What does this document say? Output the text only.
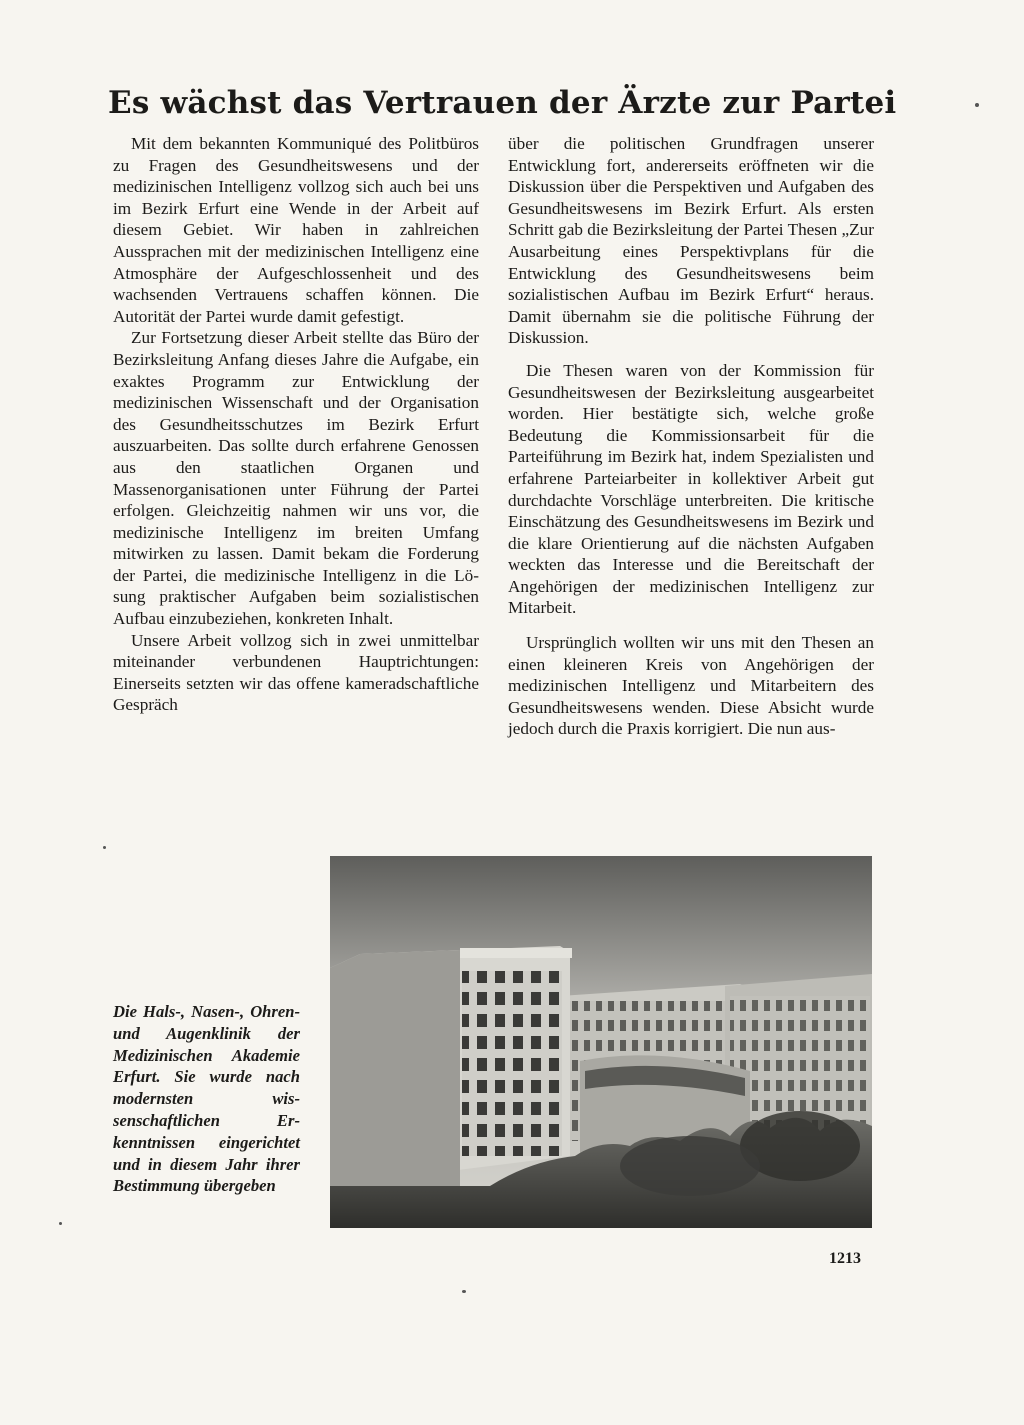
Es wächst das Vertrauen der Ärzte zur Partei

Mit dem bekannten Kommuniqué des Politbüros zu Fragen des Gesundheitswesens und der medizinischen Intelligenz vollzog sich auch bei uns im Bezirk Erfurt eine Wende in der Arbeit auf diesem Gebiet. Wir haben in zahlreichen Aussprachen mit der medizinischen Intelligenz eine Atmosphäre der Aufgeschlossenheit und des wachsenden Vertrauens schaffen können. Die Autorität der Partei wurde damit gefestigt.

Zur Fortsetzung dieser Arbeit stellte das Büro der Bezirksleitung Anfang dieses Jahre die Aufgabe, ein exaktes Programm zur Entwicklung der medizinischen Wissenschaft und der Organisation des Gesundheitsschutzes im Bezirk Erfurt auszuarbeiten. Das sollte durch erfahrene Genossen aus den staatlichen Organen und Massenorganisationen unter Führung der Partei erfolgen. Gleichzeitig nahmen wir uns vor, die medizinische Intelligenz im breiten Umfang mitwirken zu lassen. Damit bekam die Forderung der Partei, die medizinische Intelligenz in die Lösung praktischer Aufgaben beim sozialistischen Aufbau einzubeziehen, konkreten Inhalt.

Unsere Arbeit vollzog sich in zwei unmittelbar miteinander verbundenen Hauptrichtungen: Einerseits setzten wir das offene kameradschaftliche Gespräch

über die politischen Grundfragen unserer Entwicklung fort, andererseits eröffneten wir die Diskussion über die Perspektiven und Aufgaben des Gesundheitswesens im Bezirk Erfurt. Als ersten Schritt gab die Bezirksleitung der Partei Thesen „Zur Ausarbeitung eines Perspektivplans für die Entwicklung des Gesundheitswesens beim sozialistischen Aufbau im Bezirk Erfurt“ heraus. Damit übernahm sie die politische Führung der Diskussion.

Die Thesen waren von der Kommission für Gesundheitswesen der Bezirksleitung ausgearbeitet worden. Hier bestätigte sich, welche große Bedeutung die Kommissionsarbeit für die Parteiführung im Bezirk hat, indem Spezialisten und erfahrene Parteiarbeiter in kollektiver Arbeit gut durchdachte Vorschläge unterbreiten. Die kritische Einschätzung des Gesundheitswesens im Bezirk und die klare Orientierung auf die nächsten Aufgaben weckten das Interesse und die Bereitschaft der Angehörigen der medizinischen Intelligenz zur Mitarbeit.

Ursprünglich wollten wir uns mit den Thesen an einen kleineren Kreis von Angehörigen der medizinischen Intelligenz und Mitarbeitern des Gesundheitswesens wenden. Diese Absicht wurde jedoch durch die Praxis korrigiert. Die nun aus-

Die Hals-, Nasen-, Ohren- und Augenklinik der Medizinischen Akademie Erfurt. Sie wurde nach modernsten wissenschaftlichen Erkenntnissen eingerichtet und in diesem Jahr ihrer Bestimmung übergeben

1213
